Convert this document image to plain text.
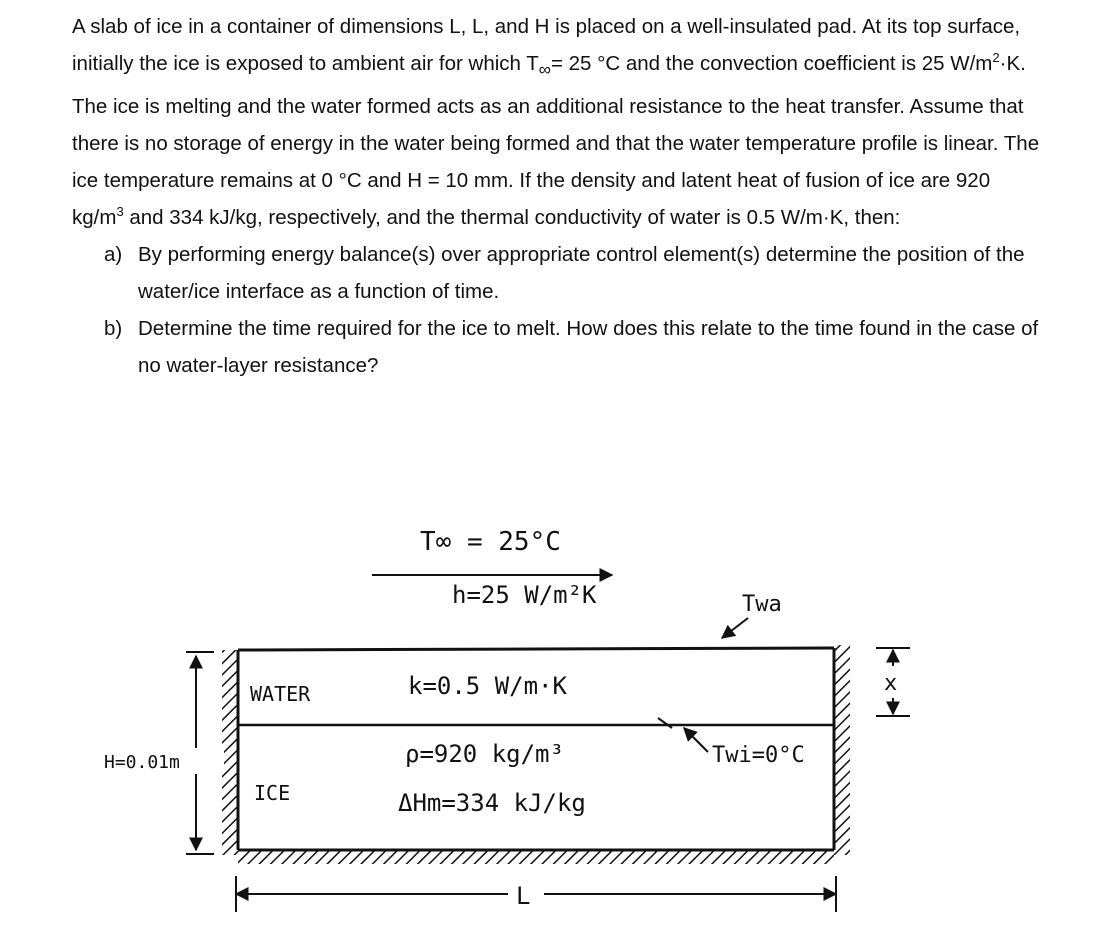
A slab of ice in a container of dimensions L, L, and H is placed on a well-insulated pad. At its top surface, initially the ice is exposed to ambient air for which $T_\infty= 25$ °C and the convection coefficient is 25 $W/m^2\cdot K$. The ice is melting and the water formed acts as an additional resistance to the heat transfer. Assume that there is no storage of energy in the water being formed and that the water temperature profile is linear. The ice temperature remains at 0 °C and H = 10 mm. If the density and latent heat of fusion of ice are 920 $kg/m^3$ and 334 kJ/kg, respectively, and the thermal conductivity of water is 0.5 W/m·K, then:

a) By performing energy balance(s) over appropriate control element(s) determine the position of the water/ice interface as a function of time.
b) Determine the time required for the ice to melt. How does this relate to the time found in the case of no water-layer resistance?
T∞ = 25°C
h=25 W/m²K	Twa
WATER	k=0.5 W/m·K
ρ=920 kg/m³
ΔHm=334 kJ/kg
Twi=0°C
ICE
H=0.01m
L
x
